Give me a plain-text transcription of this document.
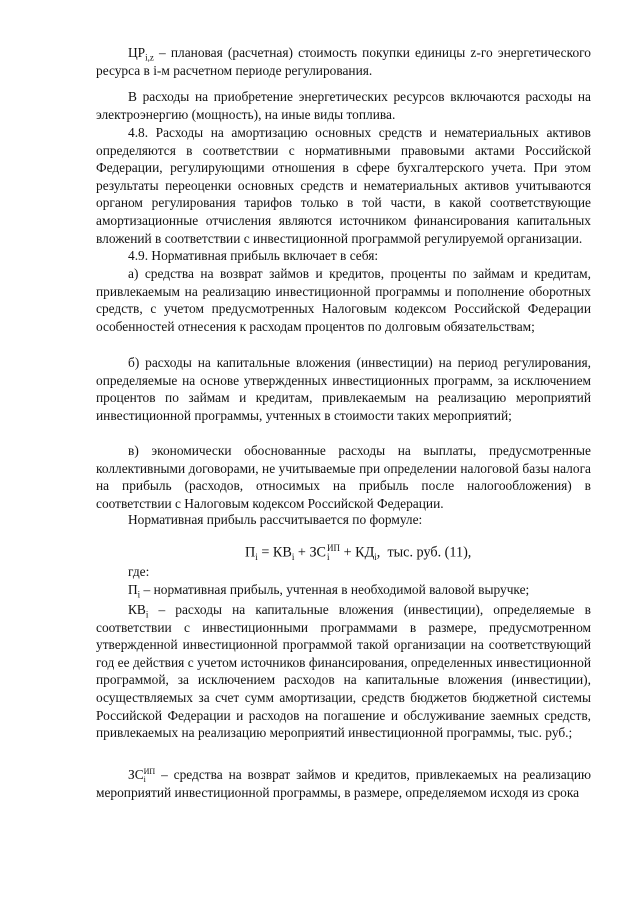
$ЦР_{i,z}$ – плановая (расчетная) стоимость покупки единицы z-го энергетического ресурса в i-м расчетном периоде регулирования.

В расходы на приобретение энергетических ресурсов включаются расходы на электроэнергию (мощность), на иные виды топлива.

4.8. Расходы на амортизацию основных средств и нематериальных активов определяются в соответствии с нормативными правовыми актами Российской Федерации, регулирующими отношения в сфере бухгалтерского учета. При этом результаты переоценки основных средств и нематериальных активов учитываются органом регулирования тарифов только в той части, в какой соответствующие амортизационные отчисления являются источником финансирования капитальных вложений в соответствии с инвестиционной программой регулируемой организации.

4.9. Нормативная прибыль включает в себя:

а) средства на возврат займов и кредитов, проценты по займам и кредитам, привлекаемым на реализацию инвестиционной программы и пополнение оборотных средств, с учетом предусмотренных Налоговым кодексом Российской Федерации особенностей отнесения к расходам процентов по долговым обязательствам;

б) расходы на капитальные вложения (инвестиции) на период регулирования, определяемые на основе утвержденных инвестиционных программ, за исключением процентов по займам и кредитам, привлекаемым на реализацию мероприятий инвестиционной программы, учтенных в стоимости таких мероприятий;

в) экономически обоснованные расходы на выплаты, предусмотренные коллективными договорами, не учитываемые при определении налоговой базы налога на прибыль (расходов, относимых на прибыль после налогообложения) в соответствии с Налоговым кодексом Российской Федерации.

Нормативная прибыль рассчитывается по формуле:

$П_i = КВ_i$ + ЗС ИП
$i + КД_i$,  тыс. руб. (11),

где:

$П_i$ – нормативная прибыль, учтенная в необходимой валовой выручке;

$КВ_i$ – расходы на капитальные вложения (инвестиции), определяемые в соответствии с инвестиционными программами в размере, предусмотренном утвержденной инвестиционной программой такой организации на соответствующий год ее действия с учетом источников финансирования, определенных инвестиционной программой, за исключением расходов на капитальные вложения (инвестиции), осуществляемых за счет сумм амортизации, средств бюджетов бюджетной системы Российской Федерации и расходов на погашение и обслуживание заемных средств, привлекаемых на реализацию мероприятий инвестиционной программы, тыс. руб.;

ЗС ИП
i – средства на возврат займов и кредитов, привлекаемых на реализацию мероприятий инвестиционной программы, в размере, определяемом исходя из срока
